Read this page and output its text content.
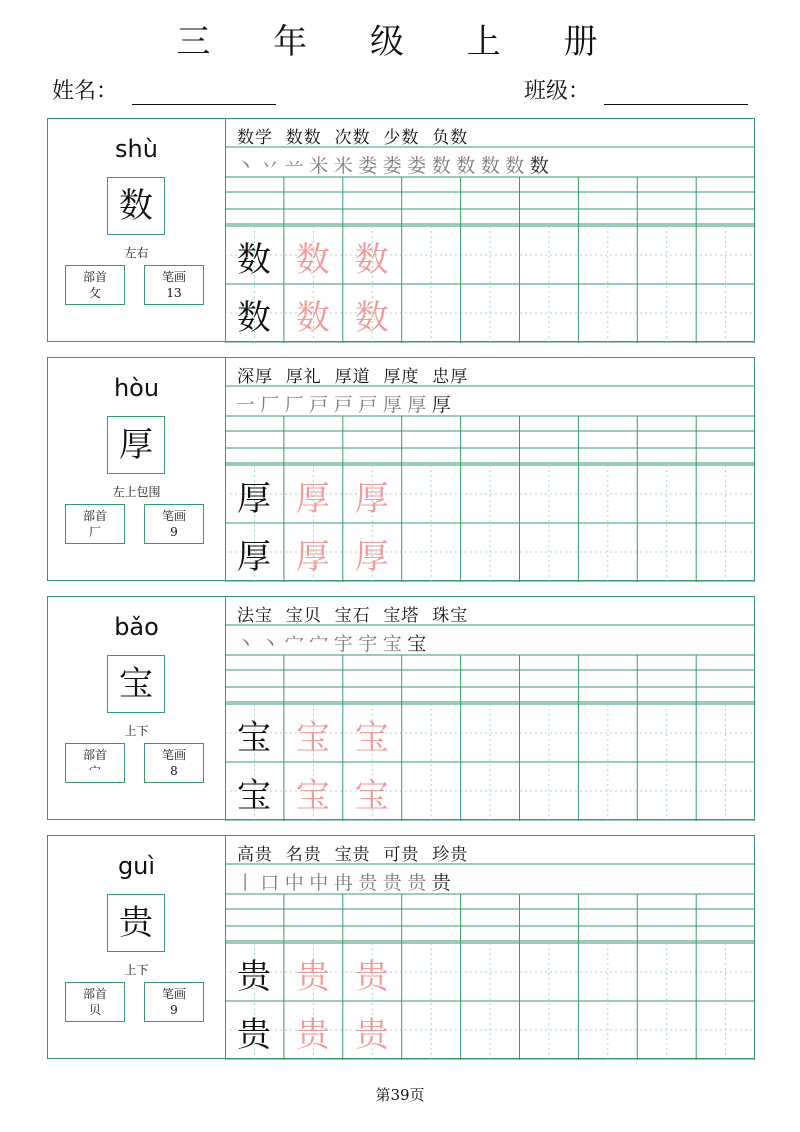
三 年 级 上 册
姓名：	班级：
shù
数
左右
部首
攵
笔画
13
数学  数数  次数  少数  负数
丶 丷 䒑 米 米 娄 娄 娄 数 数 数 数 数
数 数 数
数 数 数
hòu
厚
左上包围
部首
厂
笔画
9
深厚  厚礼  厚道  厚度  忠厚
一 厂 厂 戸 戸 戸 厚 厚 厚
厚 厚 厚
厚 厚 厚
bǎo
宝
上下
部首
宀
笔画
8
法宝  宝贝  宝石  宝塔  珠宝
丶 丶 宀 宀 宇 宇 宝 宝
宝 宝 宝
宝 宝 宝
guì
贵
上下
部首
贝
笔画
9
高贵  名贵  宝贵  可贵  珍贵
丨 口 中 中 冉 贵 贵 贵 贵
贵 贵 贵
贵 贵 贵
第39页
